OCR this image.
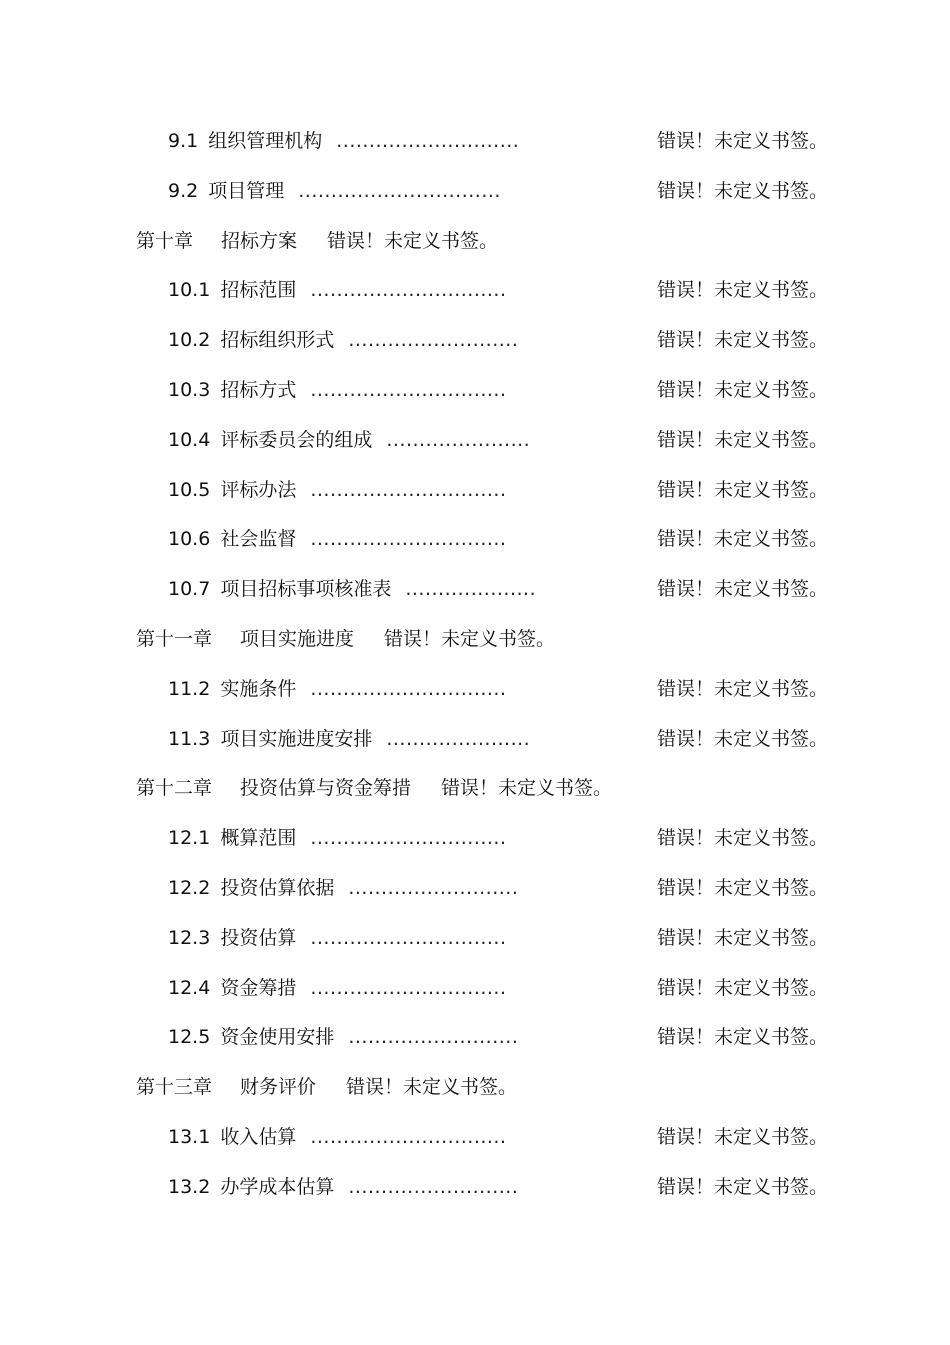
9.1 组织管理机构 ............................	错误！未定义书签。
9.2 项目管理 ...............................	错误！未定义书签。
第十章 招标方案 错误！未定义书签。
10.1 招标范围 ..............................	错误！未定义书签。
10.2 招标组织形式 ..........................	错误！未定义书签。
10.3 招标方式 ..............................	错误！未定义书签。
10.4 评标委员会的组成 ......................	错误！未定义书签。
10.5 评标办法 ..............................	错误！未定义书签。
10.6 社会监督 ..............................	错误！未定义书签。
10.7 项目招标事项核准表 ....................	错误！未定义书签。
第十一章 项目实施进度 错误！未定义书签。
11.2 实施条件 ..............................	错误！未定义书签。
11.3 项目实施进度安排 ......................	错误！未定义书签。
第十二章 投资估算与资金筹措 错误！未定义书签。
12.1 概算范围 ..............................	错误！未定义书签。
12.2 投资估算依据 ..........................	错误！未定义书签。
12.3 投资估算 ..............................	错误！未定义书签。
12.4 资金筹措 ..............................	错误！未定义书签。
12.5 资金使用安排 ..........................	错误！未定义书签。
第十三章 财务评价 错误！未定义书签。
13.1 收入估算 ..............................	错误！未定义书签。
13.2 办学成本估算 ..........................	错误！未定义书签。
